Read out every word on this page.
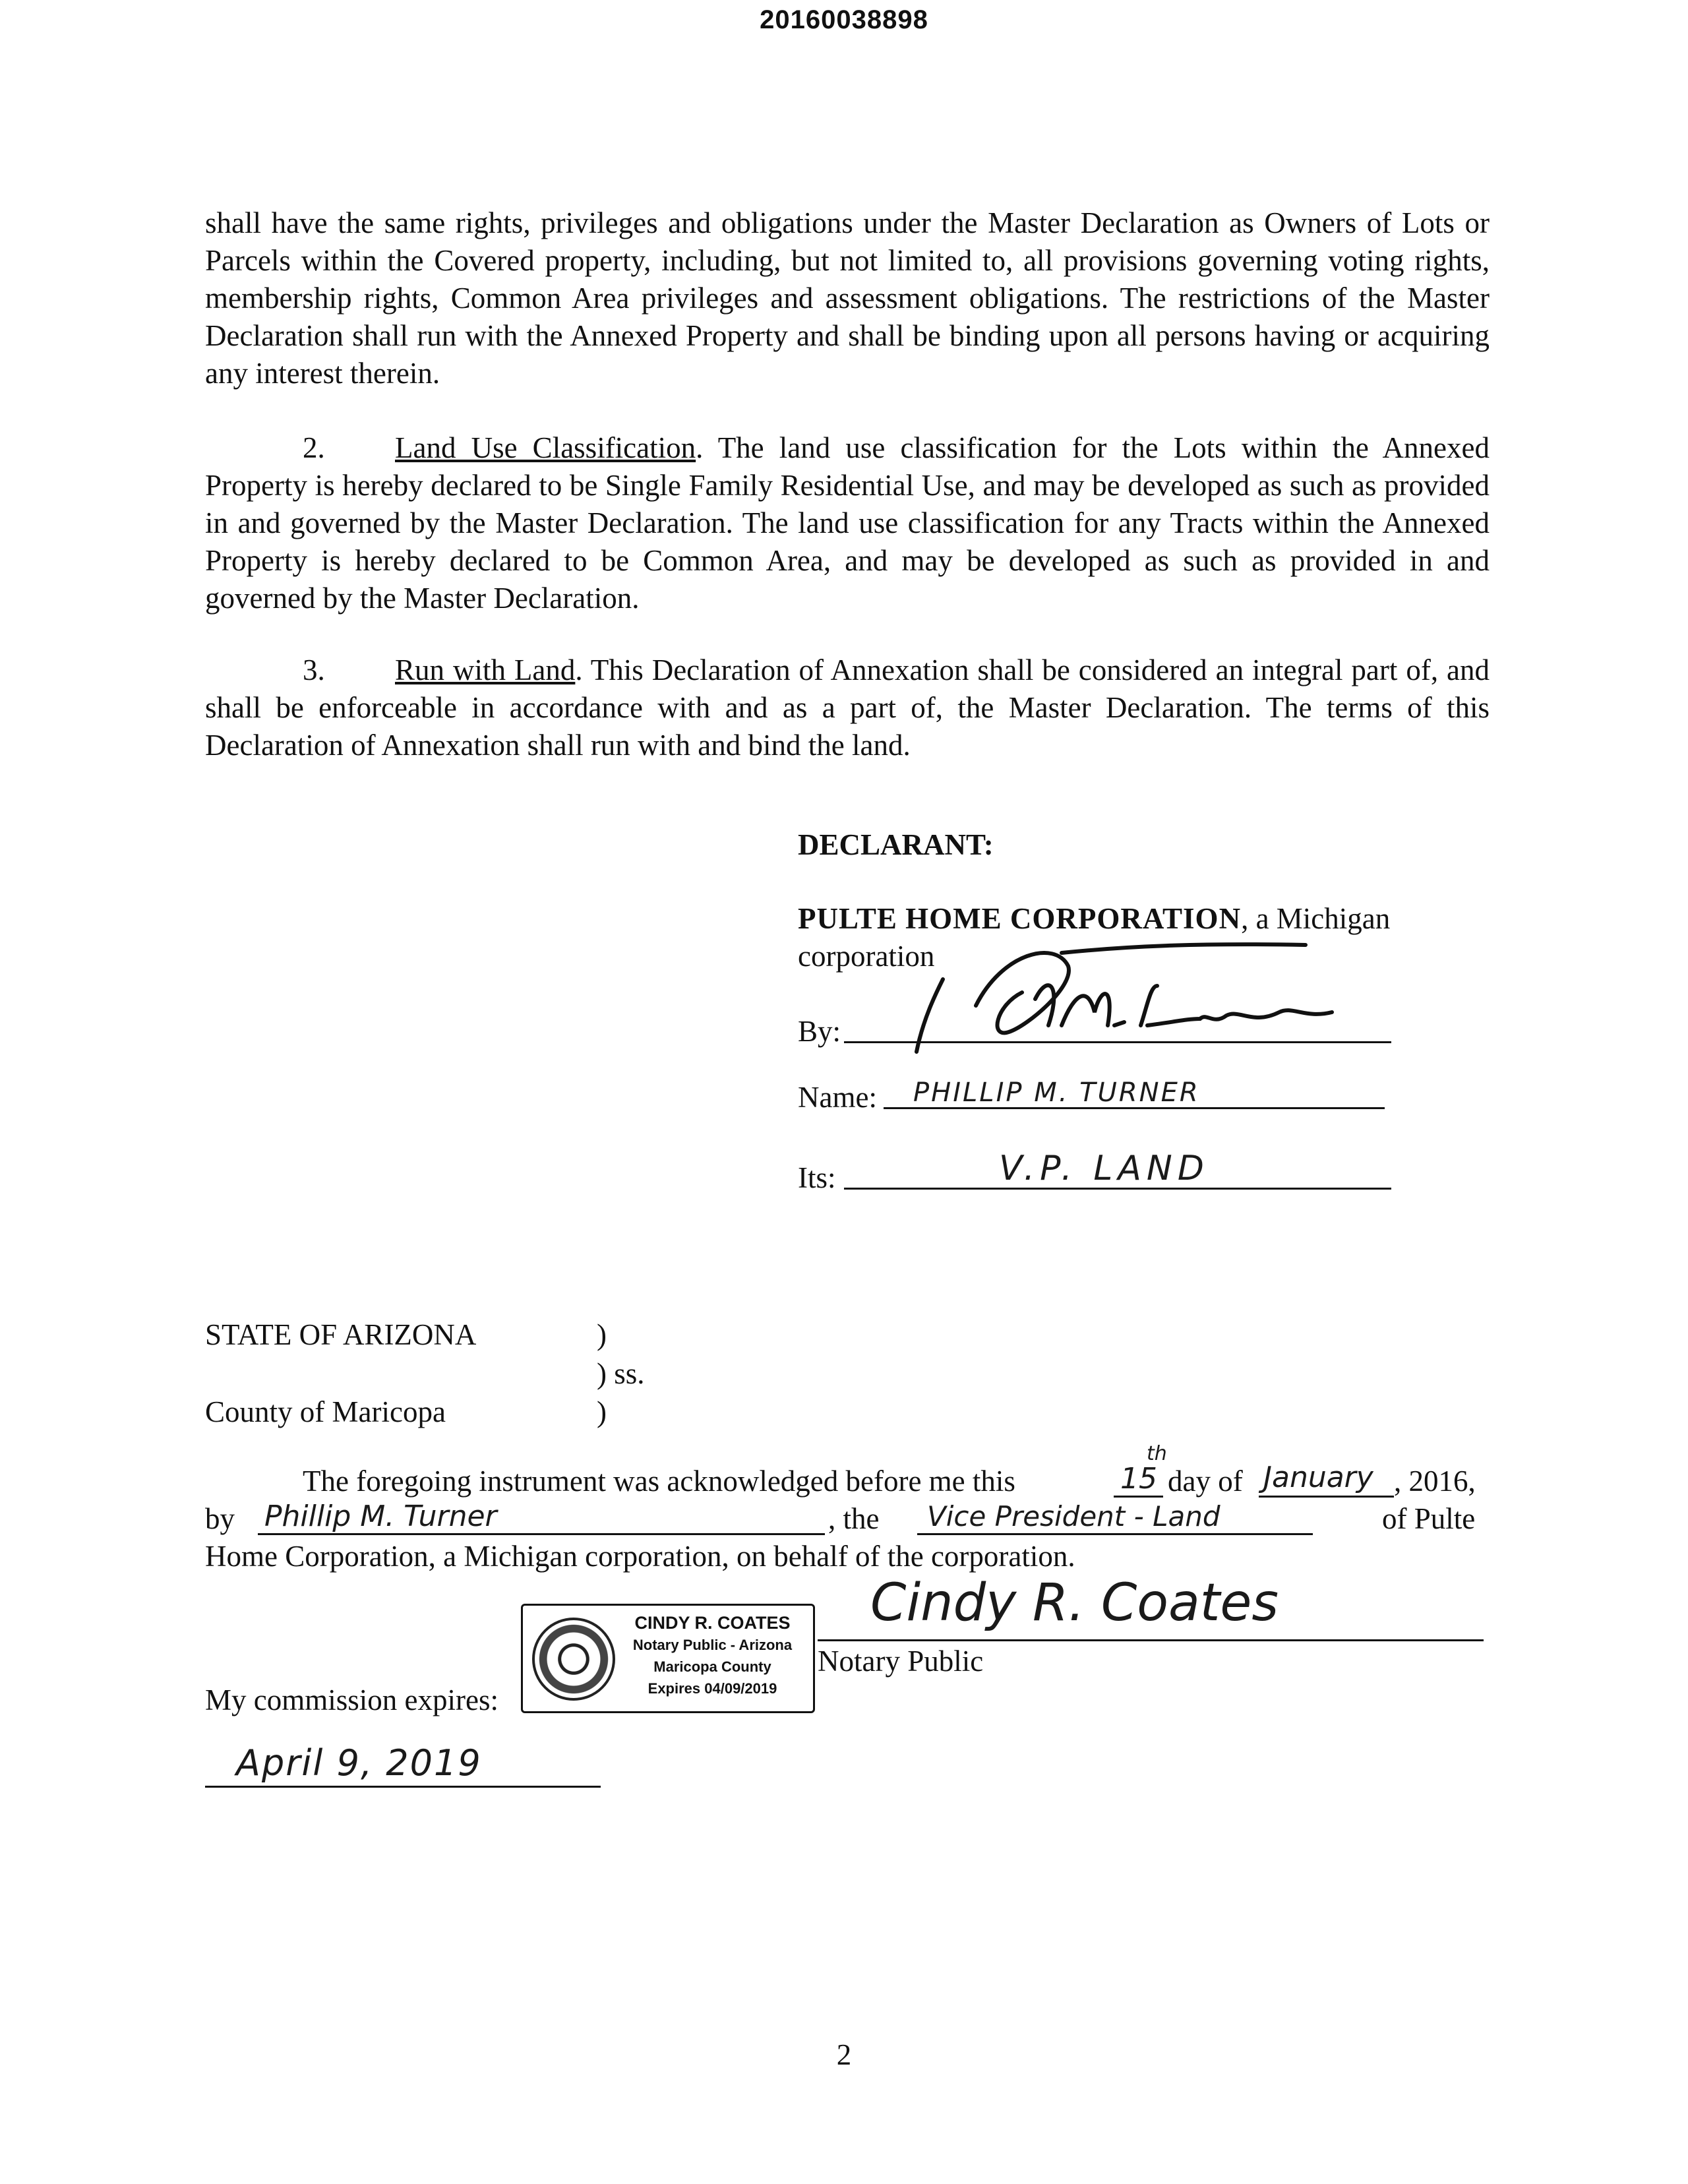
20160038898

shall have the same rights, privileges and obligations under the Master Declaration as Owners of Lots or Parcels within the Covered property, including, but not limited to, all provisions governing voting rights, membership rights, Common Area privileges and assessment obligations. The restrictions of the Master Declaration shall run with the Annexed Property and shall be binding upon all persons having or acquiring any interest therein.

2. Land Use Classification. The land use classification for the Lots within the Annexed Property is hereby declared to be Single Family Residential Use, and may be developed as such as provided in and governed by the Master Declaration. The land use classification for any Tracts within the Annexed Property is hereby declared to be Common Area, and may be developed as such as provided in and governed by the Master Declaration.

3. Run with Land. This Declaration of Annexation shall be considered an integral part of, and shall be enforceable in accordance with and as a part of, the Master Declaration. The terms of this Declaration of Annexation shall run with and bind the land.

DECLARANT:
PULTE HOME CORPORATION, a Michigan
corporation
By:
Name: PHILLIP M. TURNER
Its:	V.P. LAND
STATE OF ARIZONA	)
) ss.
)
County of Maricopa
The foregoing instrument was acknowledged before me this	15
th
day of January , 2016,
by Phillip M. Turner	, the Vice President - Land	of Pulte
Home Corporation, a Michigan corporation, on behalf of the corporation.
Cindy R. Coates
Notary Public
CINDY R. COATES
Notary Public - Arizona
Maricopa County
Expires 04/09/2019
My commission expires:
April 9, 2019
2
